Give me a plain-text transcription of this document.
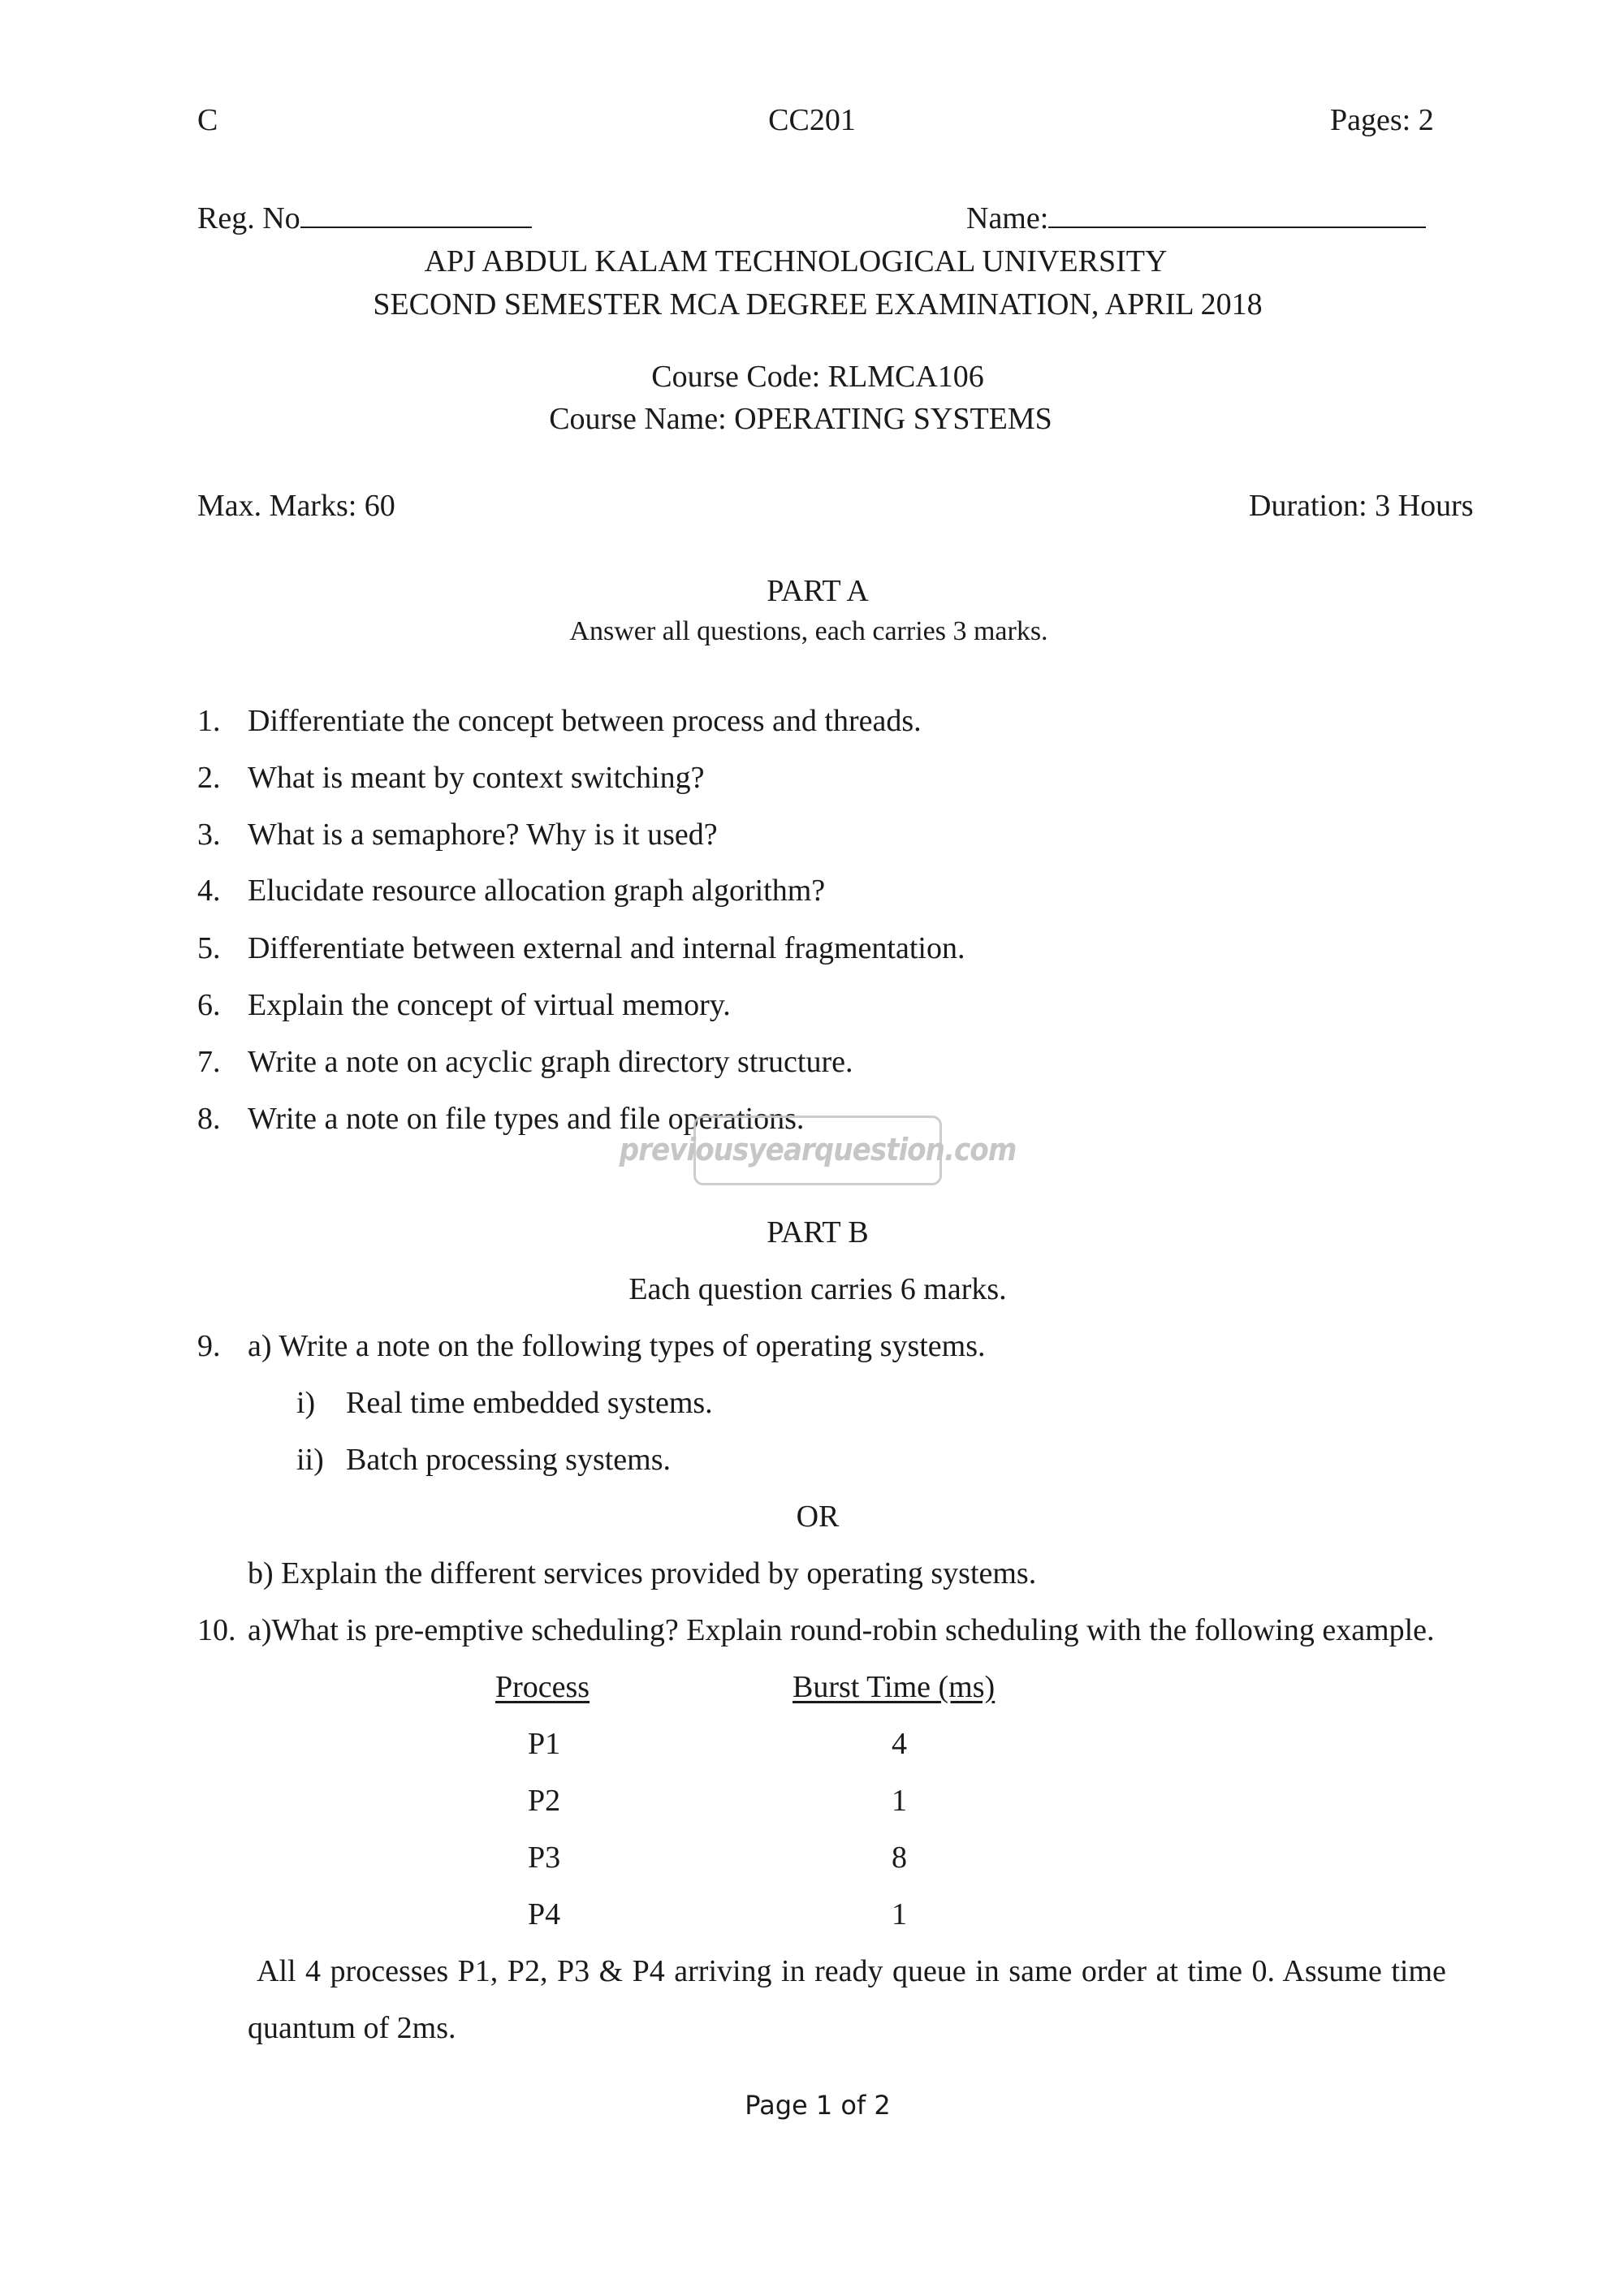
C	CC201	Pages: 2
Reg. No	Name:
APJ ABDUL KALAM TECHNOLOGICAL UNIVERSITY
SECOND SEMESTER MCA DEGREE EXAMINATION, APRIL 2018
Course Code: RLMCA106
Course Name: OPERATING SYSTEMS
Max. Marks: 60	Duration: 3 Hours
PART A
Answer all questions, each carries 3 marks.
1. Differentiate the concept between process and threads.
2. What is meant by context switching?
3. What is a semaphore? Why is it used?
4. Elucidate resource allocation graph algorithm?
5. Differentiate between external and internal fragmentation.
6. Explain the concept of virtual memory.
7. Write a note on acyclic graph directory structure.
8. Write a note on file types and file operations.
previousyearquestion.com
PART B
Each question carries 6 marks.
9. a) Write a note on the following types of operating systems.
i) Real time embedded systems.
ii) Batch processing systems.
OR
b) Explain the different services provided by operating systems.
10. a)What is pre-emptive scheduling? Explain round-robin scheduling with the following example.
Process	Burst Time (ms)
P1	4
P2	1
P3	8
P4	1
All 4 processes P1, P2, P3 & P4 arriving in ready queue in same order at time 0. Assume time
quantum of 2ms.
Page 1 of 2
